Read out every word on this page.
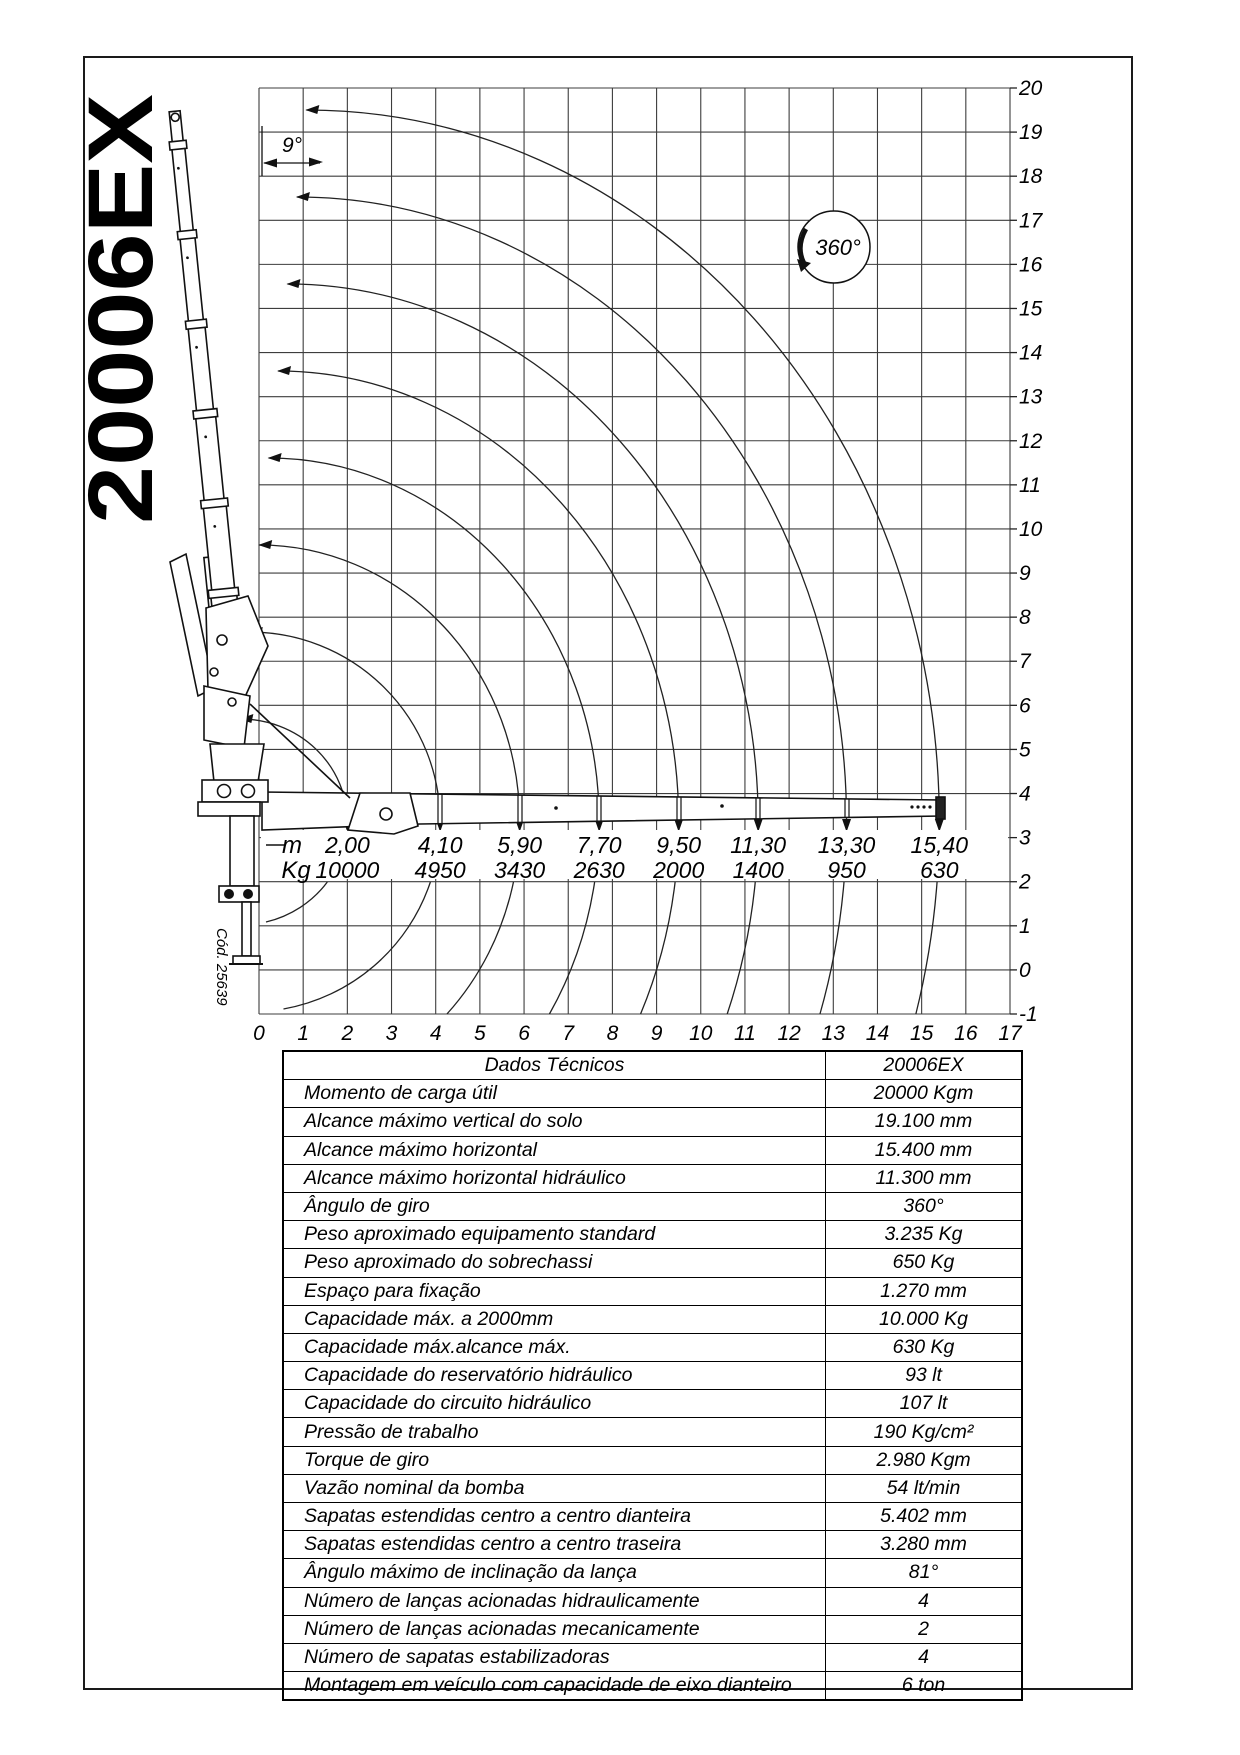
20
19
18
17
16
15
14
13
12
11
10
9
8
7
6
5
4
3
2
1
0
-1
0 1 2 3 4 5 6 7 8 9 10 11 12 13 14 15 16 17
m
Kg
2,00
10000
4,10
4950
5,90
3430
7,70
2630
9,50
2000
11,30
1400
13,30
950
15,40
630
9°
360°
20006EX
Cód. 25639
Dados Técnicos	20006EX
Momento de carga útil	20000 Kgm
Alcance máximo vertical do solo	19.100 mm
Alcance máximo horizontal	15.400 mm
Alcance máximo horizontal hidráulico	11.300 mm
Ângulo de giro	360°
Peso aproximado equipamento standard	3.235 Kg
Peso aproximado do sobrechassi	650 Kg
Espaço para fixação	1.270 mm
Capacidade máx. a 2000mm	10.000 Kg
Capacidade máx.alcance máx.	630 Kg
Capacidade do reservatório hidráulico	93 lt
Capacidade do circuito hidráulico	107 lt
Pressão de trabalho	190 Kg/cm²
Torque de giro	2.980 Kgm
Vazão nominal da bomba	54 lt/min
Sapatas estendidas centro a centro dianteira	5.402 mm
Sapatas estendidas centro a centro traseira	3.280 mm
Ângulo máximo de inclinação da lança	81°
Número de lanças acionadas hidraulicamente	4
Número de lanças acionadas mecanicamente	2
Número de sapatas estabilizadoras	4
Montagem em veículo com capacidade de eixo dianteiro	6 ton
